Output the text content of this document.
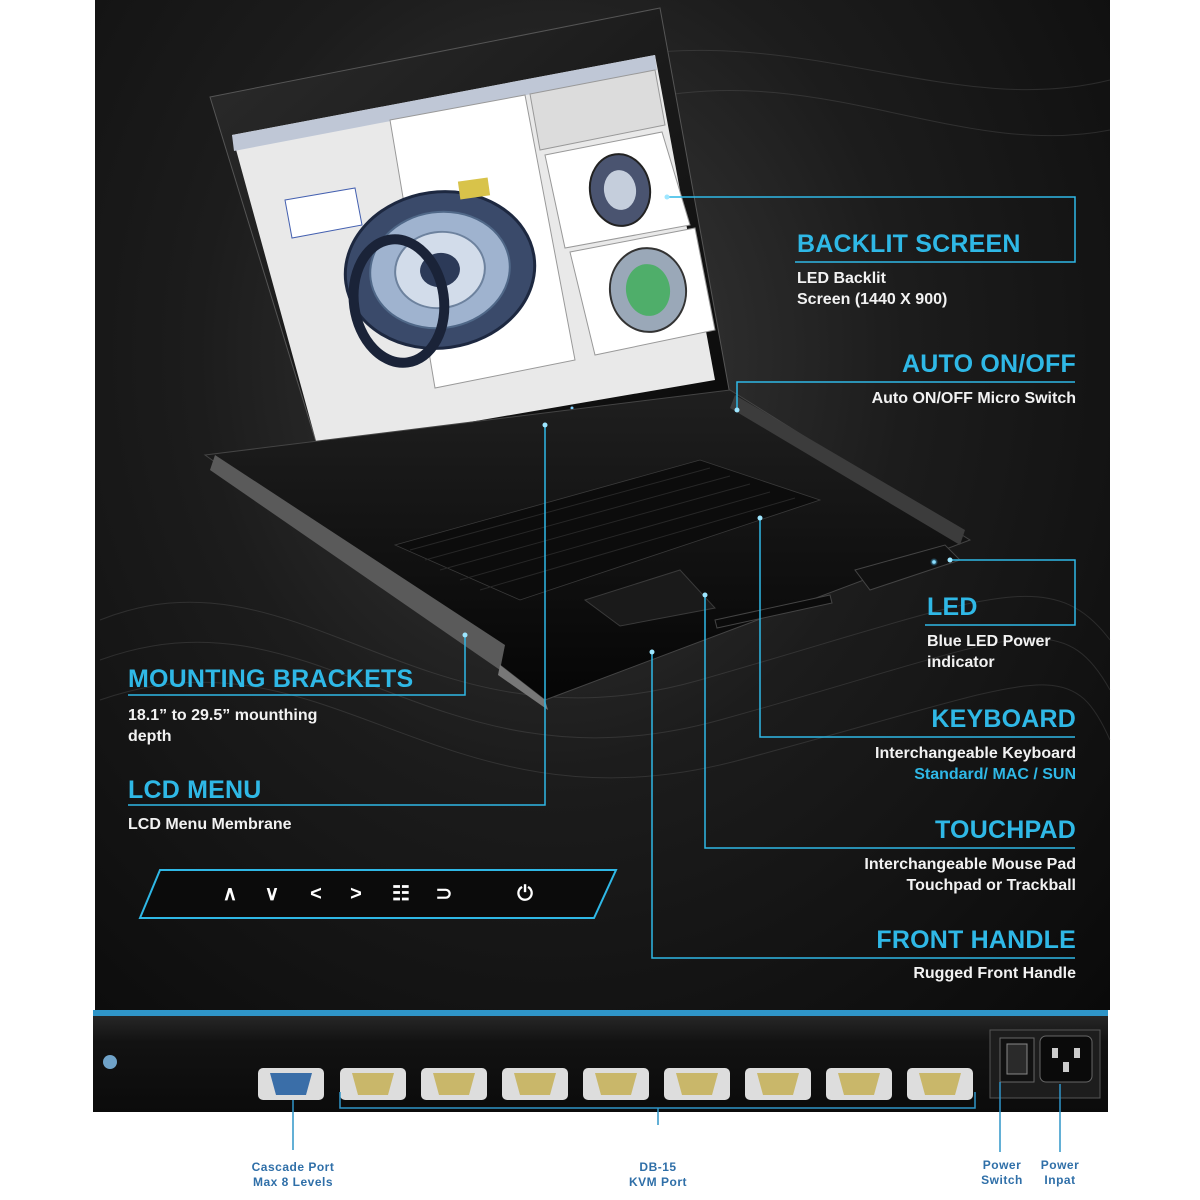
BACKLIT SCREEN
LED Backlit
Screen (1440 X 900)
AUTO ON/OFF
Auto ON/OFF Micro Switch
LED
Blue LED Power
indicator
KEYBOARD
Interchangeable Keyboard
Standard/ MAC / SUN
TOUCHPAD
Interchangeable Mouse Pad
Touchpad or Trackball
FRONT HANDLE
Rugged Front Handle
MOUNTING BRACKETS
18.1” to 29.5” mounthing
depth
LCD MENU
LCD Menu Membrane
∧ ∨	<	>	☷ ⊃	⏻
Cascade Port
Max 8 Levels
DB-15
KVM Port
Power
Switch
Power
Inpat
